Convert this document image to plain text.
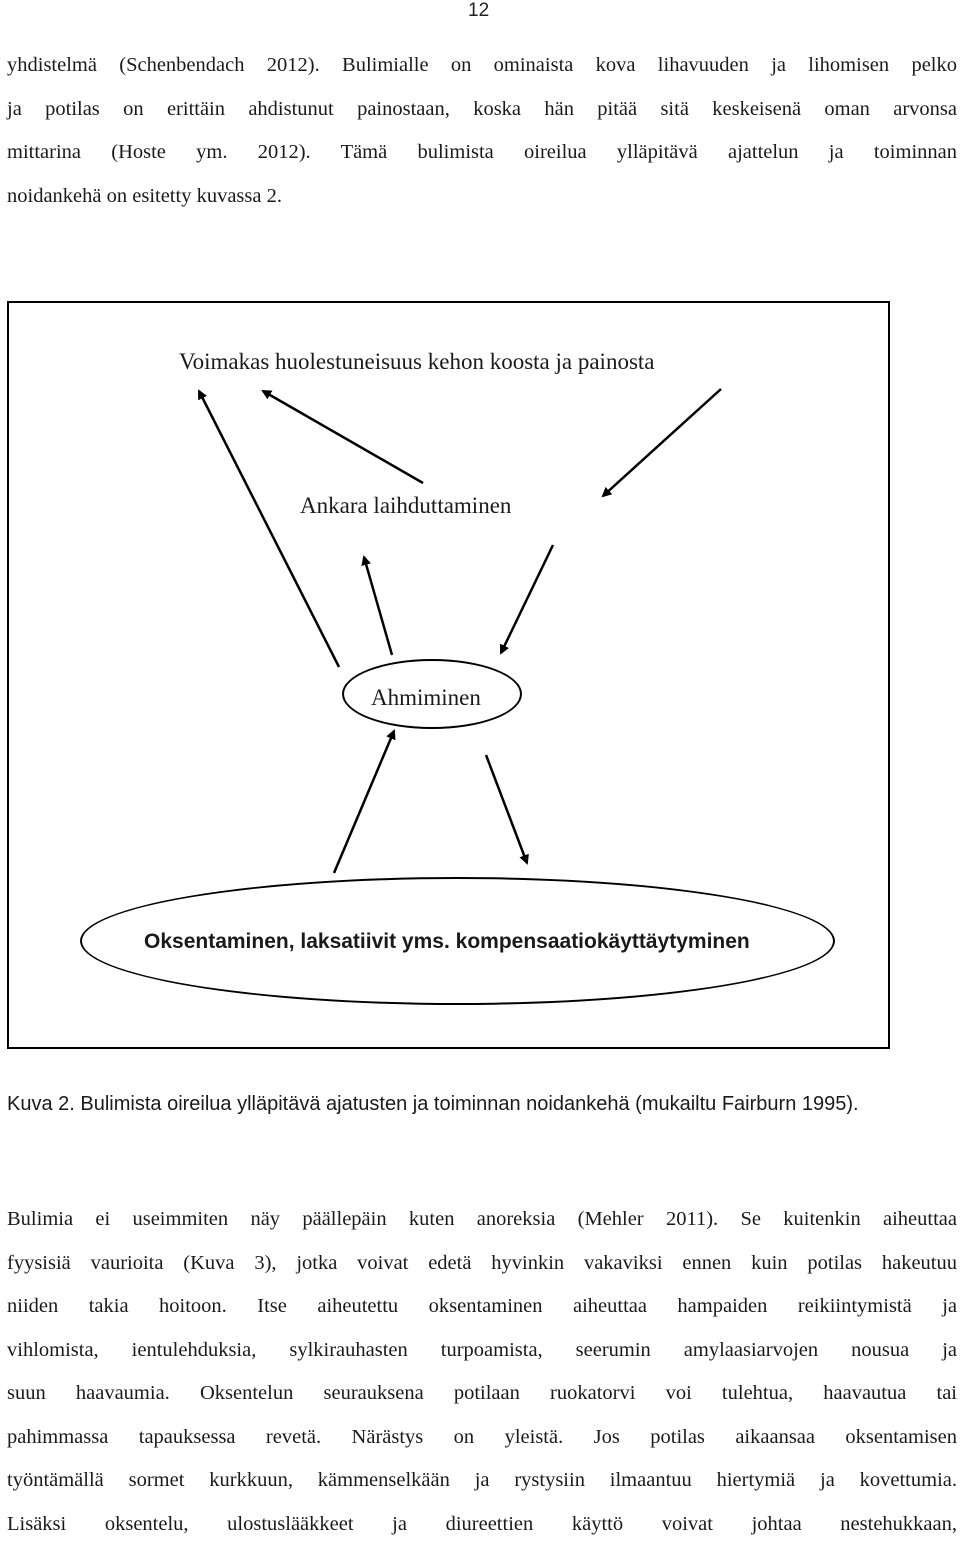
12
yhdistelmä (Schenbendach 2012). Bulimialle on ominaista kova lihavuuden ja lihomisen pelko
ja potilas on erittäin ahdistunut painostaan, koska hän pitää sitä keskeisenä oman arvonsa
mittarina (Hoste ym. 2012). Tämä bulimista oireilua ylläpitävä ajattelun ja toiminnan
noidankehä on esitetty kuvassa 2.
Voimakas huolestuneisuus kehon koosta ja painosta
Ankara laihduttaminen
Ahmiminen
Oksentaminen, laksatiivit yms. kompensaatiokäyttäytyminen
Kuva 2. Bulimista oireilua ylläpitävä ajatusten ja toiminnan noidankehä (mukailtu Fairburn 1995).
Bulimia ei useimmiten näy päällepäin kuten anoreksia (Mehler 2011). Se kuitenkin aiheuttaa
fyysisiä vaurioita (Kuva 3), jotka voivat edetä hyvinkin vakaviksi ennen kuin potilas hakeutuu
niiden takia hoitoon. Itse aiheutettu oksentaminen aiheuttaa hampaiden reikiintymistä ja
vihlomista, ientulehduksia, sylkirauhasten turpoamista, seerumin amylaasiarvojen nousua ja
suun haavaumia. Oksentelun seurauksena potilaan ruokatorvi voi tulehtua, haavautua tai
pahimmassa tapauksessa revetä. Närästys on yleistä. Jos potilas aikaansaa oksentamisen
työntämällä sormet kurkkuun, kämmenselkään ja rystysiin ilmaantuu hiertymiä ja kovettumia.
Lisäksi oksentelu, ulostuslääkkeet ja diureettien käyttö voivat johtaa nestehukkaan,
